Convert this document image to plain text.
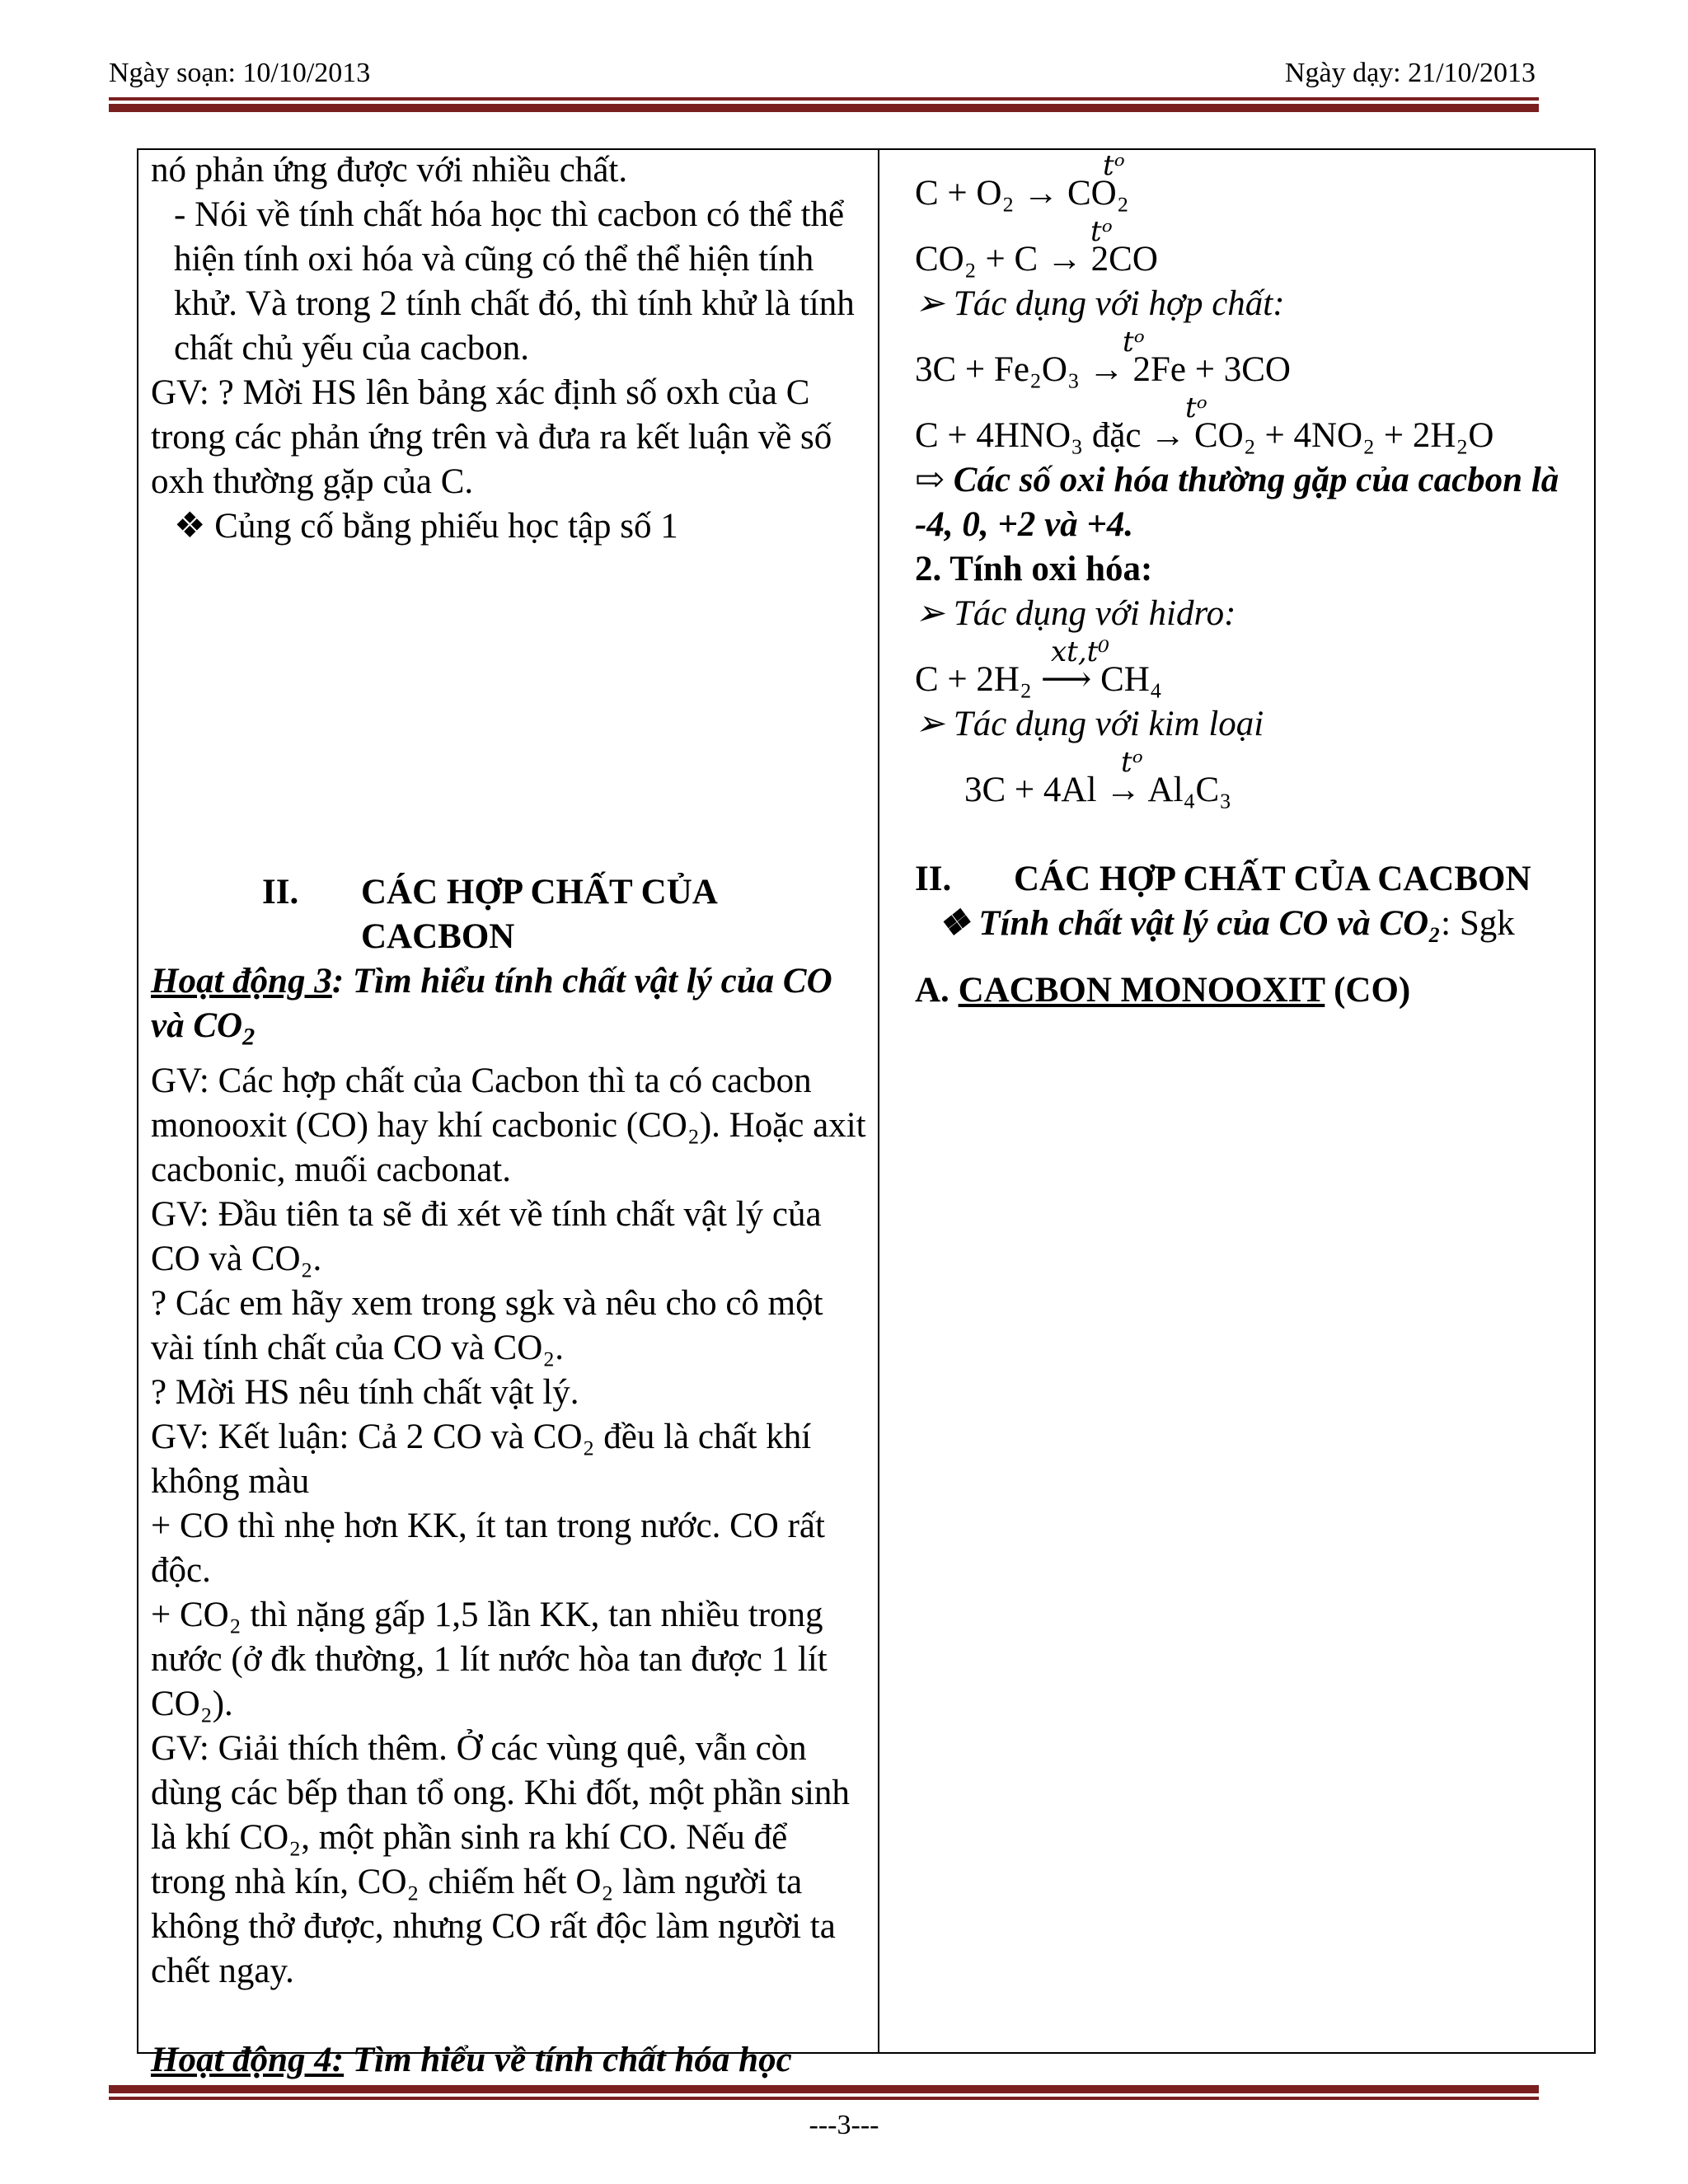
Ngày soạn: 10/10/2013	Ngày dạy: 21/10/2013

nó phản ứng được với nhiều chất.

- Nói về tính chất hóa học thì cacbon có thể thể hiện tính oxi hóa và cũng có thể thể hiện tính khử. Và trong 2 tính chất đó, thì tính khử là tính chất chủ yếu của cacbon.

GV: ? Mời HS lên bảng xác định số oxh của C trong các phản ứng trên và đưa ra kết luận về số oxh thường gặp của C.

❖ Củng cố bằng phiếu học tập số 1

II.	CÁC HỢP CHẤT CỦA CACBON

Hoạt động 3: Tìm hiểu tính chất vật lý của CO và $CO_2$

GV: Các hợp chất của Cacbon thì ta có cacbon monooxit (CO) hay khí cacbonic (CO₂). Hoặc axit cacbonic, muối cacbonat.

GV: Đầu tiên ta sẽ đi xét về tính chất vật lý của CO và CO₂.

? Các em hãy xem trong sgk và nêu cho cô một vài tính chất của CO và CO₂.

? Mời HS nêu tính chất vật lý.

GV: Kết luận: Cả 2 CO và CO₂ đều là chất khí không màu

+ CO thì nhẹ hơn KK, ít tan trong nước. CO rất độc.

+ CO₂ thì nặng gấp 1,5 lần KK, tan nhiều trong nước (ở đk thường, 1 lít nước hòa tan được 1 lít CO₂).

GV: Giải thích thêm. Ở các vùng quê, vẫn còn dùng các bếp than tổ ong. Khi đốt, một phần sinh là khí CO₂, một phần sinh ra khí CO. Nếu để trong nhà kín, CO₂ chiếm hết O₂ làm người ta không thở được, nhưng CO rất độc làm người ta chết ngay.

Hoạt động 4: Tìm hiểu về tính chất hóa học

tᵒ
C + O₂ → CO₂
tᵒ
CO₂ + C → 2CO

➢ Tác dụng với hợp chất:

tᵒ
3C + Fe₂O₃ → 2Fe + 3CO
tᵒ
C + 4HNO₃ đặc → CO₂ + 4NO₂ + 2H₂O

⇨ Các số oxi hóa thường gặp của cacbon là -4, 0, +2 và +4.

2. Tính oxi hóa:

➢ Tác dụng với hidro:

xt,t⁰
C + 2H₂ ⟶ CH₄

➢ Tác dụng với kim loại

tᵒ
3C + 4Al → Al₄C₃
II.	CÁC HỢP CHẤT CỦA CACBON

❖ Tính chất vật lý của CO và CO₂: Sgk

A. CACBON MONOOXIT (CO)

---3---
